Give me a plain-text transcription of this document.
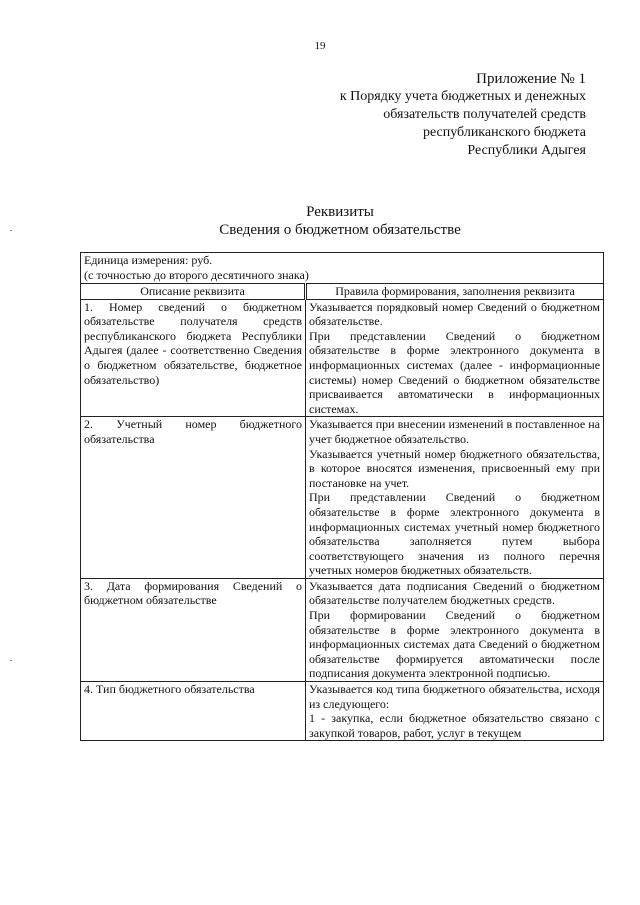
19
Приложение № 1
к Порядку учета бюджетных и денежных
обязательств получателей средств
республиканского бюджета
Республики Адыгея
Реквизиты
Сведения о бюджетном обязательстве
Единица измерения: руб.
(с точностью до второго десятичного знака)	

Описание реквизита	Правила формирования, заполнения реквизита
1. Номер сведений о бюджетном обязательстве получателя средств республиканского бюджета Республики Адыгея (далее - соответственно Сведения о бюджетном обязательстве, бюджетное обязательство)	Указывается порядковый номер Сведений о бюджетном обязательстве.

При представлении Сведений о бюджетном обязательстве в форме электронного документа в информационных системах (далее - информационные системы) номер Сведений о бюджетном обязательстве присваивается автоматически в информационных системах.

2. Учетный номер бюджетного обязательства	Указывается при внесении изменений в поставленное на учет бюджетное обязательство.

Указывается учетный номер бюджетного обязательства, в которое вносятся изменения, присвоенный ему при постановке на учет.

При представлении Сведений о бюджетном обязательстве в форме электронного документа в информационных системах учетный номер бюджетного обязательства заполняется путем выбора соответствующего значения из полного перечня учетных номеров бюджетных обязательств.

3. Дата формирования Сведений о бюджетном обязательстве	Указывается дата подписания Сведений о бюджетном обязательстве получателем бюджетных средств.

При формировании Сведений о бюджетном обязательстве в форме электронного документа в информационных системах дата Сведений о бюджетном обязательстве формируется автоматически после подписания документа электронной подписью.

4. Тип бюджетного обязательства	Указывается код типа бюджетного обязательства, исходя из следующего:

1 - закупка, если бюджетное обязательство связано с закупкой товаров, работ, услуг в текущем
